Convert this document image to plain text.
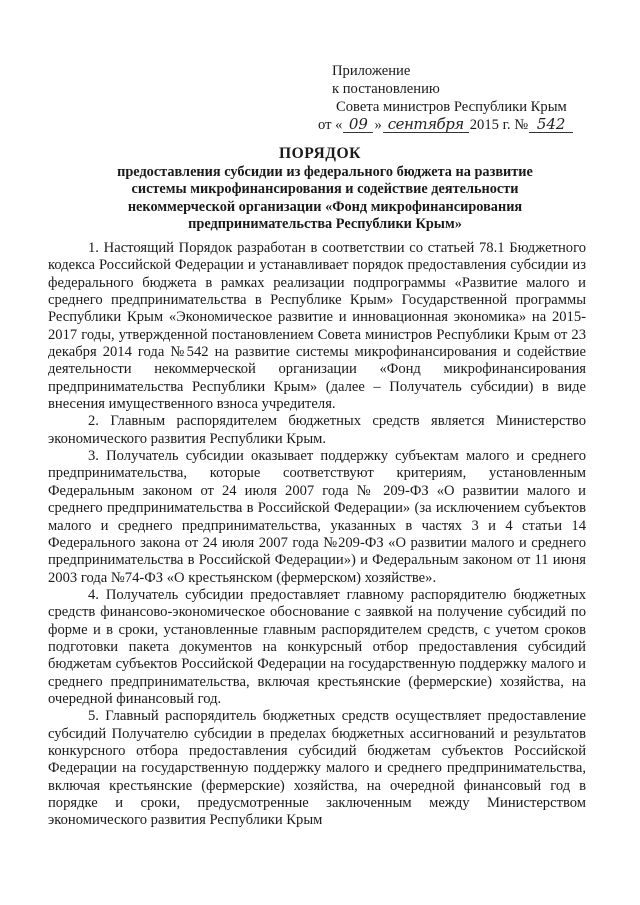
Приложение
к постановлению
Совета министров Республики Крым
от « 09 » сентября 2015 г. № 542
ПОРЯДОК
предоставления субсидии из федерального бюджета на развитие системы микрофинансирования и содействие деятельности некоммерческой организации «Фонд микрофинансирования предпринимательства Республики Крым»

1. Настоящий Порядок разработан в соответствии со статьей 78.1 Бюджетного кодекса Российской Федерации и устанавливает порядок предоставления субсидии из федерального бюджета в рамках реализации подпрограммы «Развитие малого и среднего предпринимательства в Республике Крым» Государственной программы Республики Крым «Экономическое развитие и инновационная экономика» на 2015-2017 годы, утвержденной постановлением Совета министров Республики Крым от 23 декабря 2014 года №542 на развитие системы микрофинансирования и содействие деятельности некоммерческой организации «Фонд микрофинансирования предпринимательства Республики Крым» (далее – Получатель субсидии) в виде внесения имущественного взноса учредителя.

2. Главным распорядителем бюджетных средств является Министерство экономического развития Республики Крым.

3. Получатель субсидии оказывает поддержку субъектам малого и среднего предпринимательства, которые соответствуют критериям, установленным Федеральным законом от 24 июля 2007 года № 209-ФЗ «О развитии малого и среднего предпринимательства в Российской Федерации» (за исключением субъектов малого и среднего предпринимательства, указанных в частях 3 и 4 статьи 14 Федерального закона от 24 июля 2007 года №209-ФЗ «О развитии малого и среднего предпринимательства в Российской Федерации») и Федеральным законом от 11 июня 2003 года №74-ФЗ «О крестьянском (фермерском) хозяйстве».

4. Получатель субсидии предоставляет главному распорядителю бюджетных средств финансово-экономическое обоснование с заявкой на получение субсидий по форме и в сроки, установленные главным распорядителем средств, с учетом сроков подготовки пакета документов на конкурсный отбор предоставления субсидий бюджетам субъектов Российской Федерации на государственную поддержку малого и среднего предпринимательства, включая крестьянские (фермерские) хозяйства, на очередной финансовый год.

5. Главный распорядитель бюджетных средств осуществляет предоставление субсидий Получателю субсидии в пределах бюджетных ассигнований и результатов конкурсного отбора предоставления субсидий бюджетам субъектов Российской Федерации на государственную поддержку малого и среднего предпринимательства, включая крестьянские (фермерские) хозяйства, на очередной финансовый год в порядке и сроки, предусмотренные заключенным между Министерством экономического развития Республики Крым
